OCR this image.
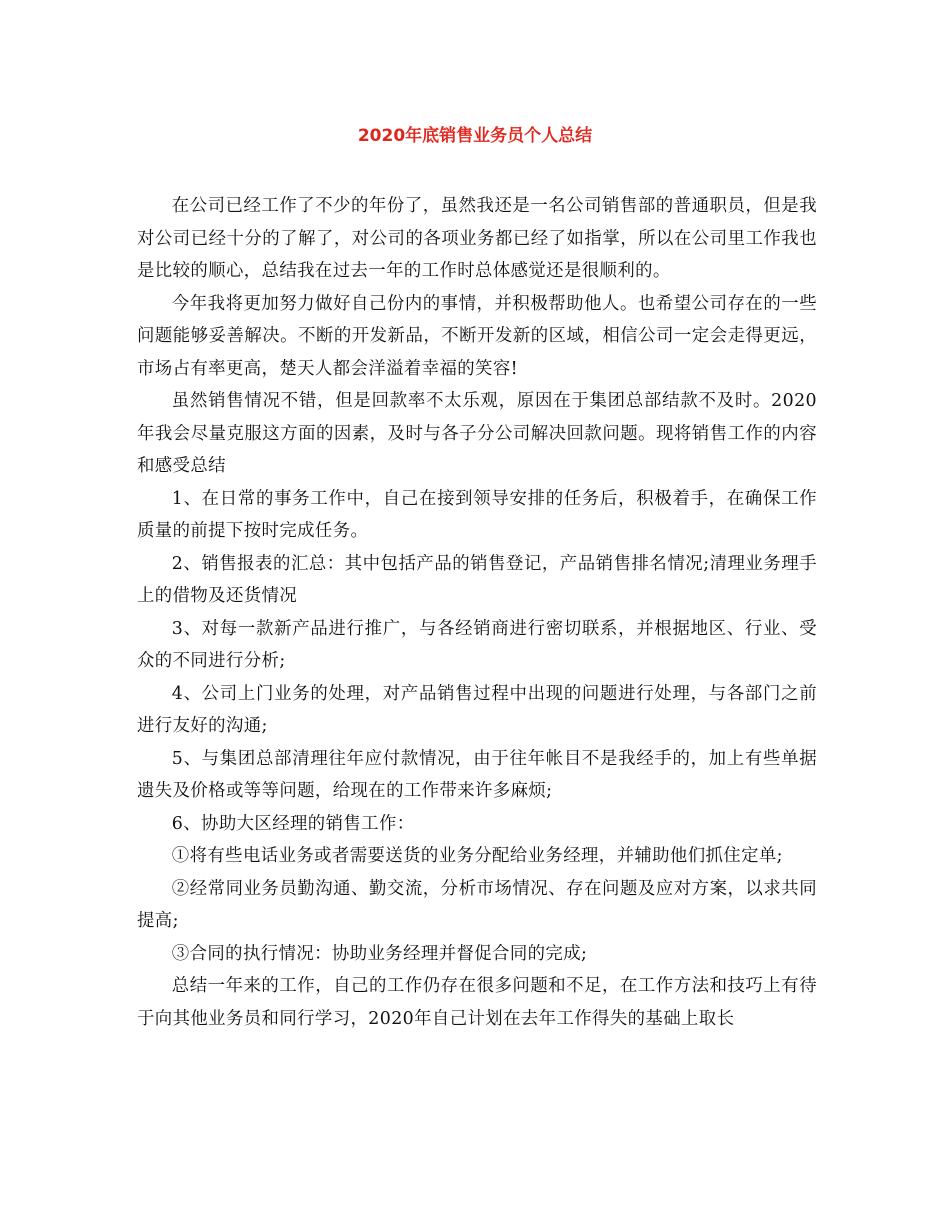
2020年底销售业务员个人总结

在公司已经工作了不少的年份了，虽然我还是一名公司销售部的普通职员，但是我对公司已经十分的了解了，对公司的各项业务都已经了如指掌，所以在公司里工作我也是比较的顺心，总结我在过去一年的工作时总体感觉还是很顺利的。

今年我将更加努力做好自己份内的事情，并积极帮助他人。也希望公司存在的一些问题能够妥善解决。不断的开发新品，不断开发新的区域，相信公司一定会走得更远，市场占有率更高，楚天人都会洋溢着幸福的笑容!

虽然销售情况不错，但是回款率不太乐观，原因在于集团总部结款不及时。2020年我会尽量克服这方面的因素，及时与各子分公司解决回款问题。现将销售工作的内容和感受总结

1、在日常的事务工作中，自己在接到领导安排的任务后，积极着手，在确保工作质量的前提下按时完成任务。

2、销售报表的汇总：其中包括产品的销售登记，产品销售排名情况;清理业务理手上的借物及还货情况

3、对每一款新产品进行推广，与各经销商进行密切联系，并根据地区、行业、受众的不同进行分析;

4、公司上门业务的处理，对产品销售过程中出现的问题进行处理，与各部门之前进行友好的沟通;

5、与集团总部清理往年应付款情况，由于往年帐目不是我经手的，加上有些单据遗失及价格或等等问题，给现在的工作带来许多麻烦;

6、协助大区经理的销售工作：

①将有些电话业务或者需要送货的业务分配给业务经理，并辅助他们抓住定单;

②经常同业务员勤沟通、勤交流，分析市场情况、存在问题及应对方案，以求共同提高;

③合同的执行情况：协助业务经理并督促合同的完成;

总结一年来的工作，自己的工作仍存在很多问题和不足，在工作方法和技巧上有待于向其他业务员和同行学习，2020年自己计划在去年工作得失的基础上取长
